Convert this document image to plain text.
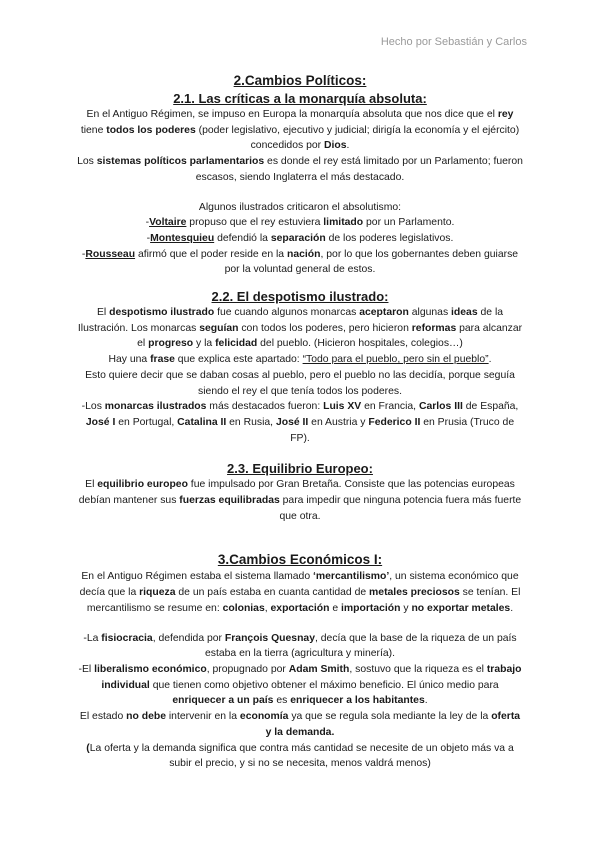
Hecho por Sebastián y Carlos
2.Cambios Políticos:
2.1. Las críticas a la monarquía absoluta:

En el Antiguo Régimen, se impuso en Europa la monarquía absoluta que nos dice que el rey tiene todos los poderes (poder legislativo, ejecutivo y judicial; dirigía la economía y el ejército) concedidos por Dios.

Los sistemas políticos parlamentarios es donde el rey está limitado por un Parlamento; fueron escasos, siendo Inglaterra el más destacado.

Algunos ilustrados criticaron el absolutismo:

-Voltaire propuso que el rey estuviera limitado por un Parlamento.

-Montesquieu defendió la separación de los poderes legislativos.

-Rousseau afirmó que el poder reside en la nación, por lo que los gobernantes deben guiarse por la voluntad general de estos.

2.2. El despotismo ilustrado:

El despotismo ilustrado fue cuando algunos monarcas aceptaron algunas ideas de la Ilustración. Los monarcas seguían con todos los poderes, pero hicieron reformas para alcanzar el progreso y la felicidad del pueblo. (Hicieron hospitales, colegios…)

Hay una frase que explica este apartado: “Todo para el pueblo, pero sin el pueblo”.

Esto quiere decir que se daban cosas al pueblo, pero el pueblo no las decidía, porque seguía siendo el rey el que tenía todos los poderes.

-Los monarcas ilustrados más destacados fueron: Luis XV en Francia, Carlos III de España, José I en Portugal, Catalina II en Rusia, José II en Austria y Federico II en Prusia (Truco de FP).

2.3. Equilibrio Europeo:

El equilibrio europeo fue impulsado por Gran Bretaña. Consiste que las potencias europeas debían mantener sus fuerzas equilibradas para impedir que ninguna potencia fuera más fuerte que otra.

3.Cambios Económicos I:

En el Antiguo Régimen estaba el sistema llamado ‘mercantilismo’, un sistema económico que decía que la riqueza de un país estaba en cuanta cantidad de metales preciosos se tenían. El mercantilismo se resume en: colonias, exportación e importación y no exportar metales.

-La fisiocracia, defendida por François Quesnay, decía que la base de la riqueza de un país estaba en la tierra (agricultura y minería).

-El liberalismo económico, propugnado por Adam Smith, sostuvo que la riqueza es el trabajo individual que tienen como objetivo obtener el máximo beneficio. El único medio para enriquecer a un país es enriquecer a los habitantes.

El estado no debe intervenir en la economía ya que se regula sola mediante la ley de la oferta y la demanda.

(La oferta y la demanda significa que contra más cantidad se necesite de un objeto más va a subir el precio, y si no se necesita, menos valdrá menos)
